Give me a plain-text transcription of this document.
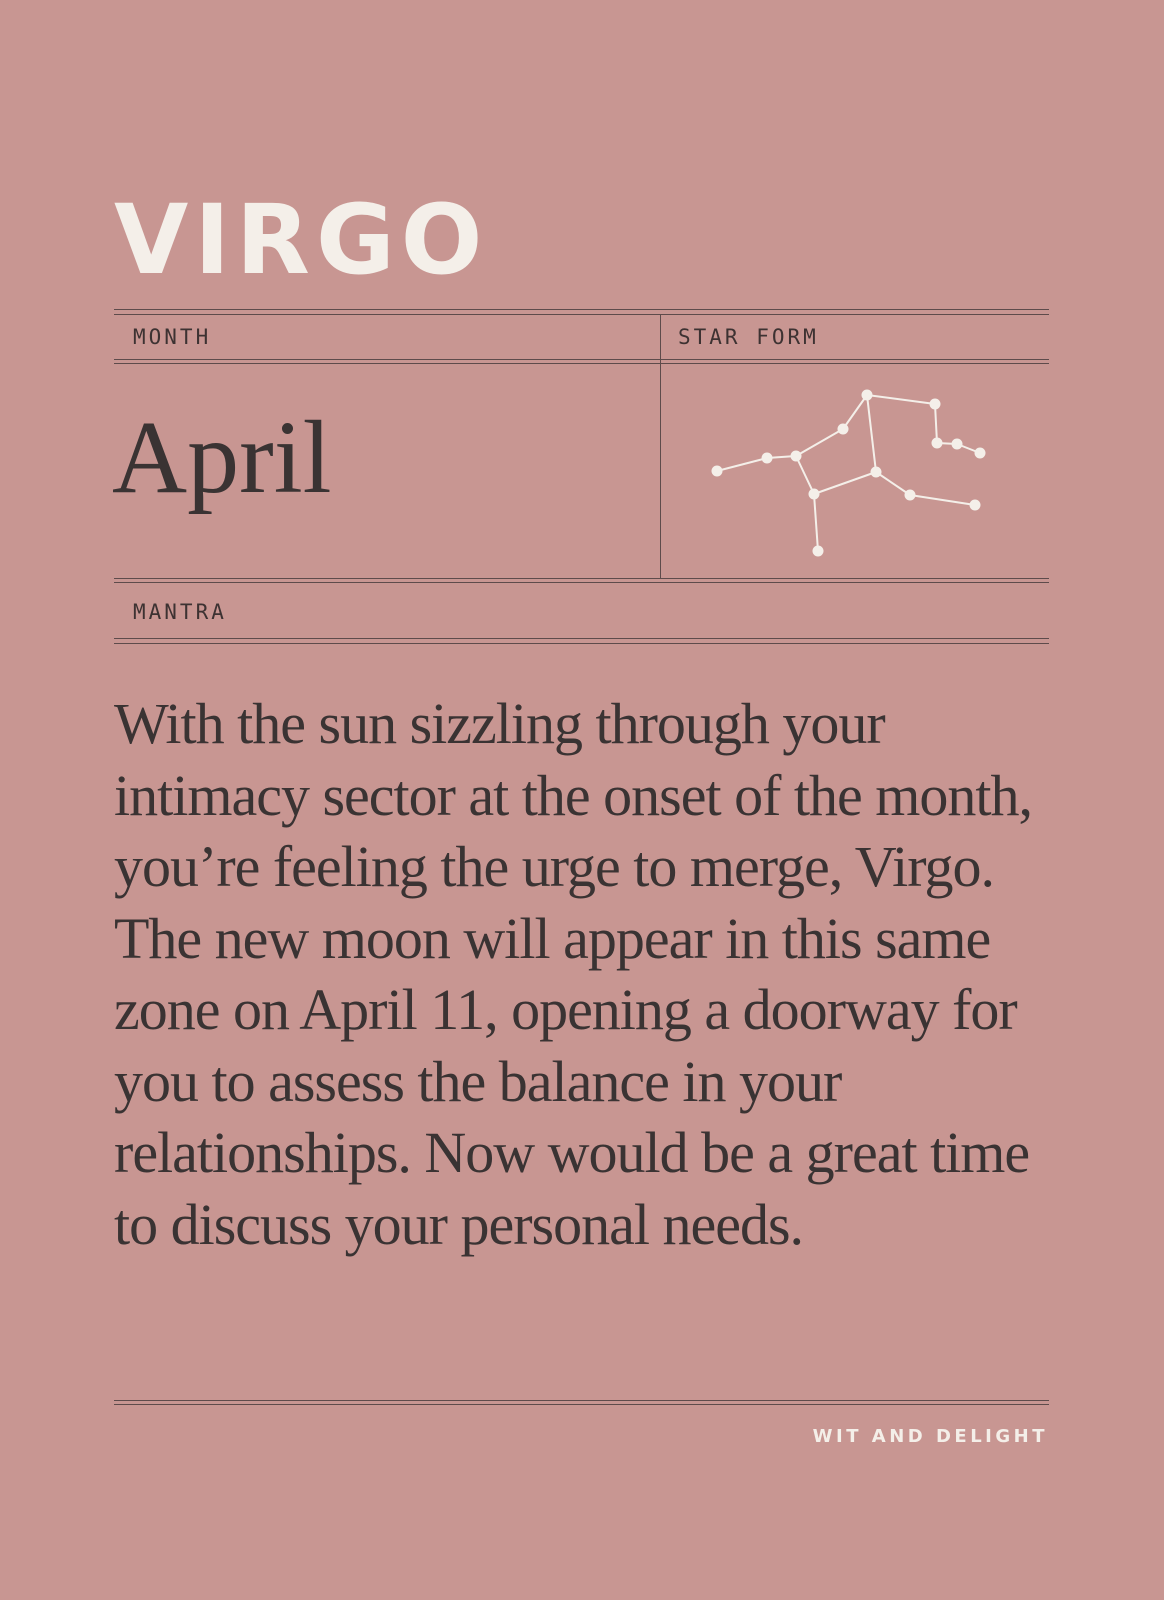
VIRGO
MONTH	STAR FORM
April
MANTRA

With the sun sizzling through your intimacy sector at the onset of the month, you’re feeling the urge to merge, Virgo. The new moon will appear in this same zone on April 11, opening a doorway for you to assess the balance in your relationships. Now would be a great time to discuss your personal needs.

WIT AND DELIGHT
